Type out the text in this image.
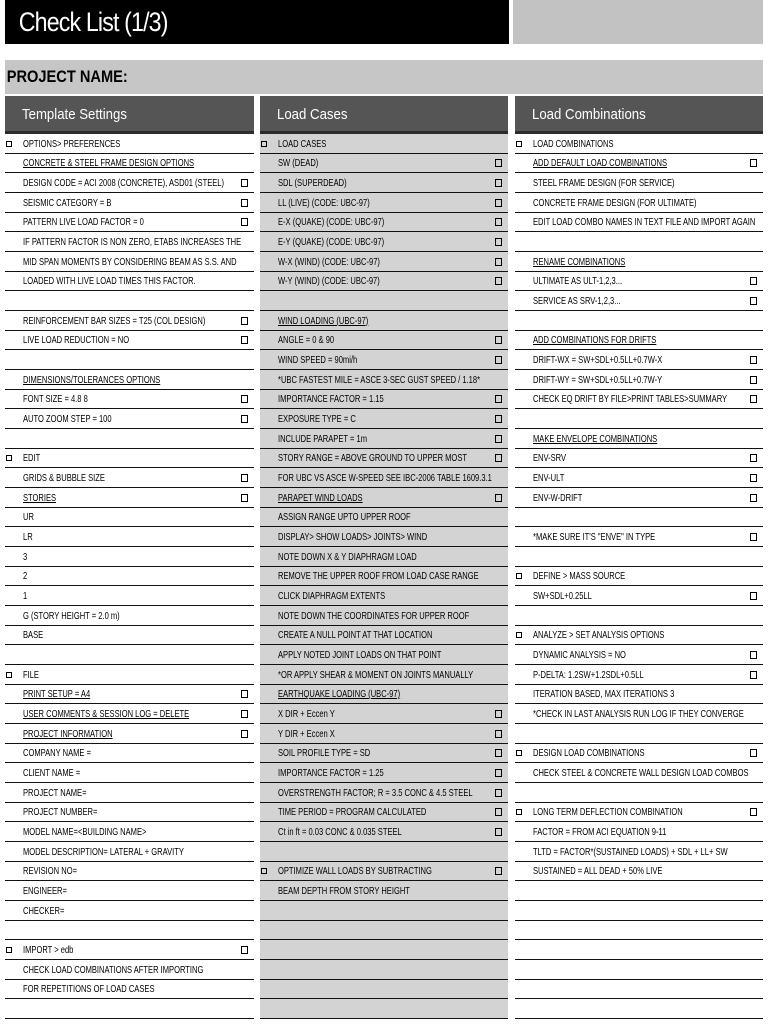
Check List (1/3)
PROJECT NAME:
Template Settings
OPTIONS> PREFERENCES
CONCRETE & STEEL FRAME DESIGN OPTIONS
DESIGN CODE = ACI 2008 (CONCRETE), ASD01 (STEEL)
SEISMIC CATEGORY = B
PATTERN LIVE LOAD FACTOR = 0
IF PATTERN FACTOR IS NON ZERO, ETABS INCREASES THE
MID SPAN MOMENTS BY CONSIDERING BEAM AS S.S. AND
LOADED WITH LIVE LOAD TIMES THIS FACTOR.
REINFORCEMENT BAR SIZES = T25 (COL DESIGN)
LIVE LOAD REDUCTION = NO
DIMENSIONS/TOLERANCES OPTIONS
FONT SIZE = 4.8 8
AUTO ZOOM STEP = 100
EDIT
GRIDS & BUBBLE SIZE
STORIES
UR
LR
3
2
1
G (STORY HEIGHT = 2.0 m)
BASE
FILE
PRINT SETUP = A4
USER COMMENTS & SESSION LOG = DELETE
PROJECT INFORMATION
COMPANY NAME =
CLIENT NAME =
PROJECT NAME=
PROJECT NUMBER=
MODEL NAME=<BUILDING NAME>
MODEL DESCRIPTION= LATERAL + GRAVITY
REVISION NO=
ENGINEER=
CHECKER=
IMPORT > edb
CHECK LOAD COMBINATIONS AFTER IMPORTING
FOR REPETITIONS OF LOAD CASES
Load Cases
LOAD CASES
SW (DEAD)
SDL (SUPERDEAD)
LL (LIVE) (CODE: UBC-97)
E-X (QUAKE) (CODE: UBC-97)
E-Y (QUAKE) (CODE: UBC-97)
W-X (WIND) (CODE: UBC-97)
W-Y (WIND) (CODE: UBC-97)
WIND LOADING (UBC-97)
ANGLE = 0 & 90
WIND SPEED = 90mi/h
*UBC FASTEST MILE = ASCE 3-SEC GUST SPEED / 1.18*
IMPORTANCE FACTOR = 1.15
EXPOSURE TYPE = C
INCLUDE PARAPET = 1m
STORY RANGE = ABOVE GROUND TO UPPER MOST
FOR UBC VS ASCE W-SPEED SEE IBC-2006 TABLE 1609.3.1
PARAPET WIND LOADS
ASSIGN RANGE UPTO UPPER ROOF
DISPLAY> SHOW LOADS> JOINTS> WIND
NOTE DOWN X & Y DIAPHRAGM LOAD
REMOVE THE UPPER ROOF FROM LOAD CASE RANGE
CLICK DIAPHRAGM EXTENTS
NOTE DOWN THE COORDINATES FOR UPPER ROOF
CREATE A NULL POINT AT THAT LOCATION
APPLY NOTED JOINT LOADS ON THAT POINT
*OR APPLY SHEAR & MOMENT ON JOINTS MANUALLY
EARTHQUAKE LOADING (UBC-97)
X DIR + Eccen Y
Y DIR + Eccen X
SOIL PROFILE TYPE = SD
IMPORTANCE FACTOR = 1.25
OVERSTRENGTH FACTOR; R = 3.5 CONC & 4.5 STEEL
TIME PERIOD = PROGRAM CALCULATED
Ct in ft = 0.03 CONC & 0.035 STEEL
OPTIMIZE WALL LOADS BY SUBTRACTING
BEAM DEPTH FROM STORY HEIGHT
Load Combinations
LOAD COMBINATIONS
ADD DEFAULT LOAD COMBINATIONS
STEEL FRAME DESIGN (FOR SERVICE)
CONCRETE FRAME DESIGN (FOR ULTIMATE)
EDIT LOAD COMBO NAMES IN TEXT FILE AND IMPORT AGAIN
RENAME COMBINATIONS
ULTIMATE AS ULT-1,2,3...
SERVICE AS SRV-1,2,3...
ADD COMBINATIONS FOR DRIFTS
DRIFT-WX = SW+SDL+0.5LL+0.7W-X
DRIFT-WY = SW+SDL+0.5LL+0.7W-Y
CHECK EQ DRIFT BY FILE>PRINT TABLES>SUMMARY
MAKE ENVELOPE COMBINATIONS
ENV-SRV
ENV-ULT
ENV-W-DRIFT
*MAKE SURE IT'S "ENVE" IN TYPE
DEFINE > MASS SOURCE
SW+SDL+0.25LL
ANALYZE > SET ANALYSIS OPTIONS
DYNAMIC ANALYSIS = NO
P-DELTA: 1.2SW+1.2SDL+0.5LL
ITERATION BASED, MAX ITERATIONS 3
*CHECK IN LAST ANALYSIS RUN LOG IF THEY CONVERGE
DESIGN LOAD COMBINATIONS
CHECK STEEL & CONCRETE WALL DESIGN LOAD COMBOS
LONG TERM DEFLECTION COMBINATION
FACTOR = FROM ACI EQUATION 9-11
TLTD = FACTOR*(SUSTAINED LOADS) + SDL + LL+ SW
SUSTAINED = ALL DEAD + 50% LIVE
